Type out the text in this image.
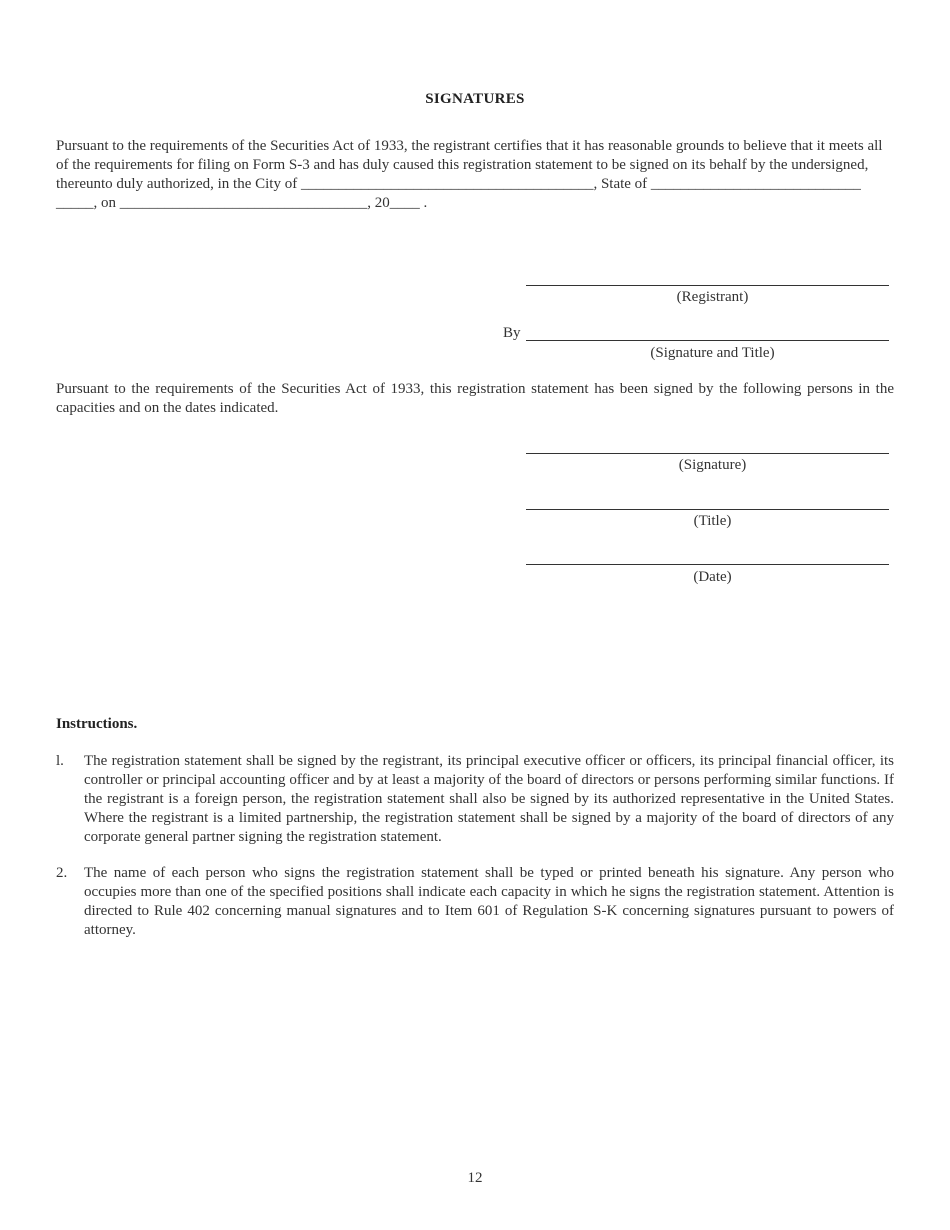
SIGNATURES
Pursuant to the requirements of the Securities Act of 1933, the registrant certifies that it has reasonable grounds to believe that it meets all
of the requirements for filing on Form S-3 and has duly caused this registration statement to be signed on its behalf by the undersigned,
thereunto duly authorized, in the City of _______________________________________, State of ____________________________
_____, on _________________________________, 20____ .
(Registrant)
By
(Signature and Title)

Pursuant to the requirements of the Securities Act of 1933, this registration statement has been signed by the following persons in the capacities and on the dates indicated.

(Signature)
(Title)
(Date)
Instructions.
l. The registration statement shall be signed by the registrant, its principal executive officer or officers, its principal financial officer, its controller or principal accounting officer and by at least a majority of the board of directors or persons performing similar functions. If the registrant is a foreign person, the registration statement shall also be signed by its authorized representative in the United States. Where the registrant is a limited partnership, the registration statement shall be signed by a majority of the board of directors of any corporate general partner signing the registration statement.

2. The name of each person who signs the registration statement shall be typed or printed beneath his signature. Any person who occupies more than one of the specified positions shall indicate each capacity in which he signs the registration statement. Attention is directed to Rule 402 concerning manual signatures and to Item 601 of Regulation S-K concerning signatures pursuant to powers of attorney.

12
